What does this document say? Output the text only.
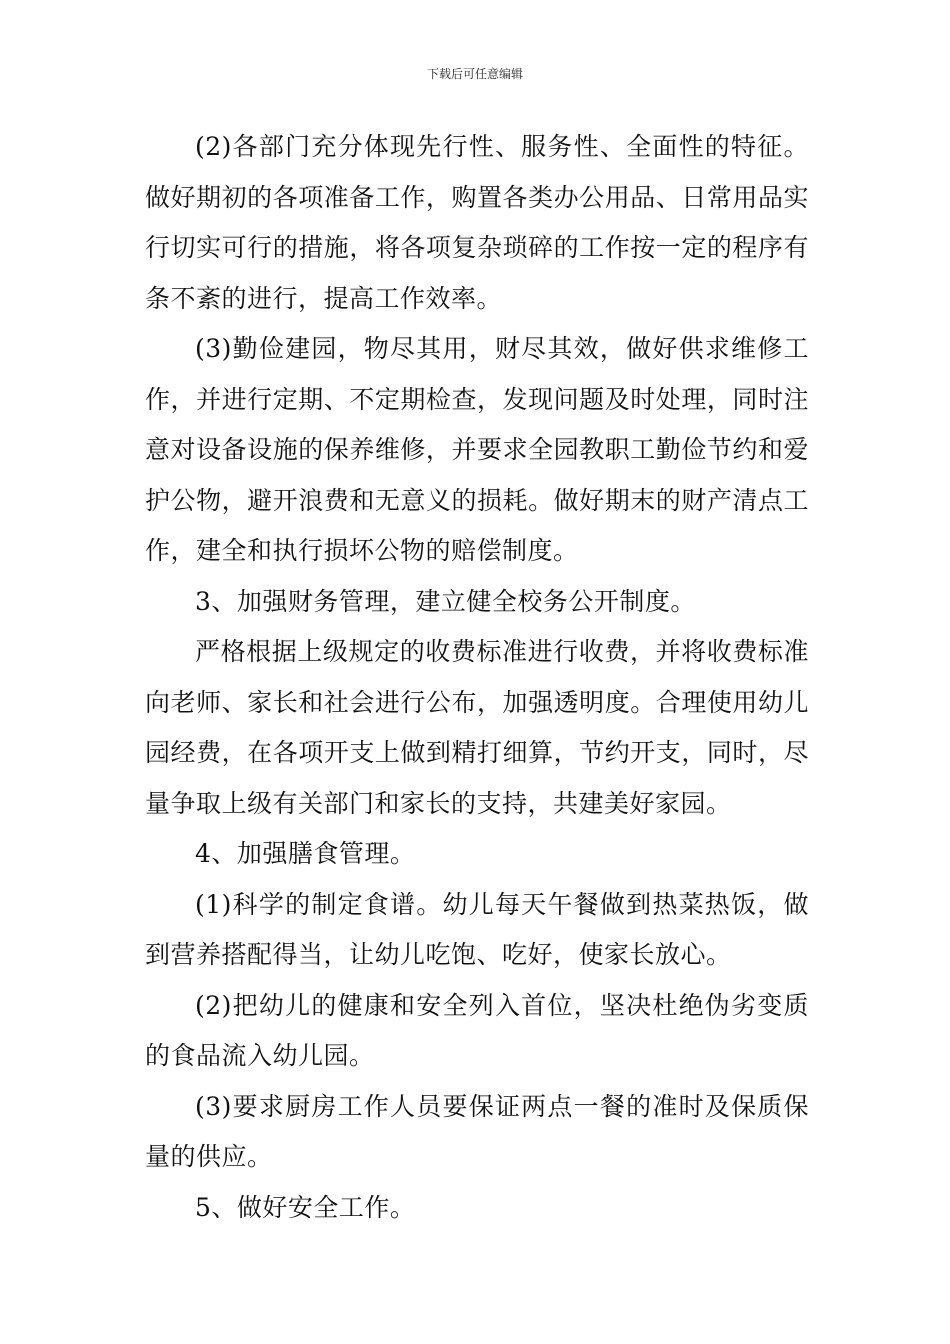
下载后可任意编辑

(2)各部门充分体现先行性、服务性、全面性的特征。做好期初的各项准备工作，购置各类办公用品、日常用品实行切实可行的措施，将各项复杂琐碎的工作按一定的程序有条不紊的进行，提高工作效率。

(3)勤俭建园，物尽其用，财尽其效，做好供求维修工作，并进行定期、不定期检查，发现问题及时处理，同时注意对设备设施的保养维修，并要求全园教职工勤俭节约和爱护公物，避开浪费和无意义的损耗。做好期末的财产清点工作，建全和执行损坏公物的赔偿制度。

3、加强财务管理，建立健全校务公开制度。

严格根据上级规定的收费标准进行收费，并将收费标准向老师、家长和社会进行公布，加强透明度。合理使用幼儿园经费，在各项开支上做到精打细算，节约开支，同时，尽量争取上级有关部门和家长的支持，共建美好家园。

4、加强膳食管理。

(1)科学的制定食谱。幼儿每天午餐做到热菜热饭，做到营养搭配得当，让幼儿吃饱、吃好，使家长放心。

(2)把幼儿的健康和安全列入首位，坚决杜绝伪劣变质的食品流入幼儿园。

(3)要求厨房工作人员要保证两点一餐的准时及保质保量的供应。

5、做好安全工作。
